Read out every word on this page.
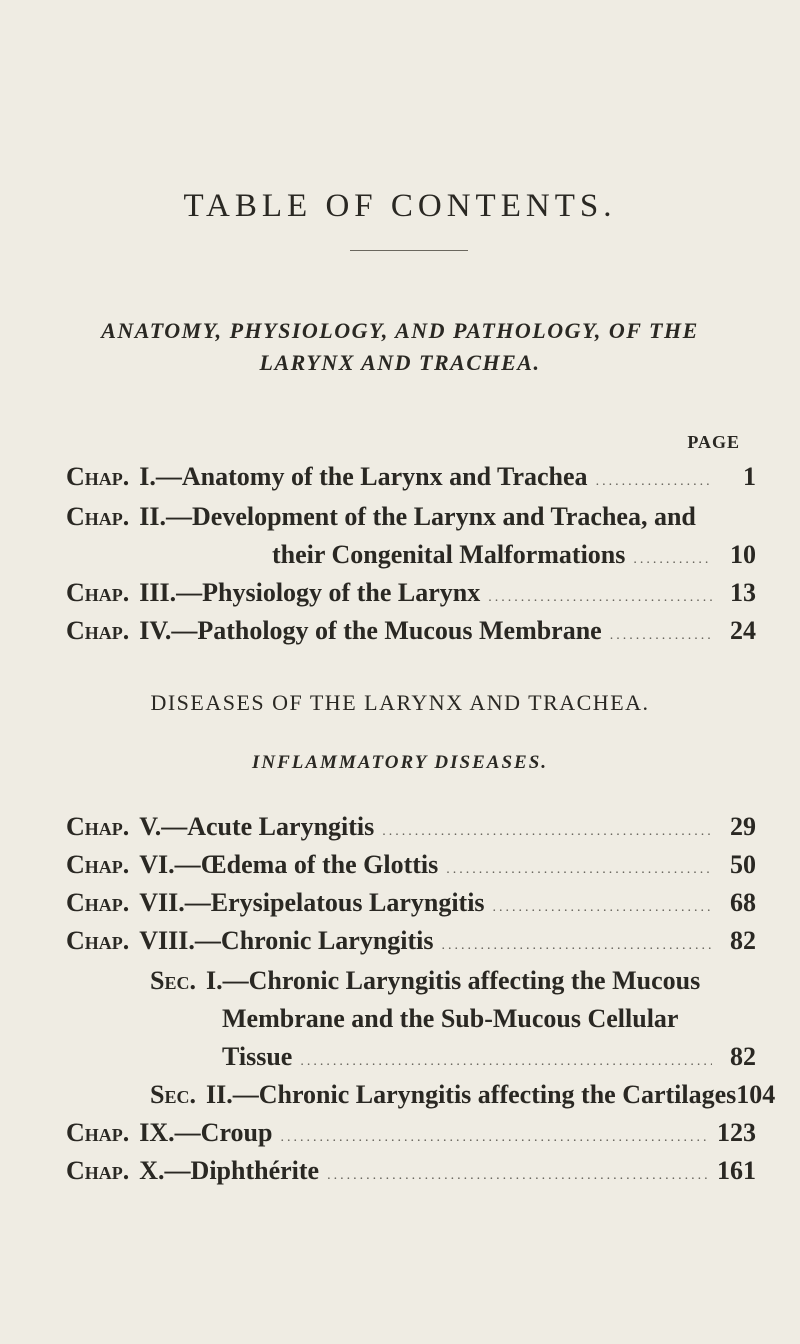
TABLE OF CONTENTS.
ANATOMY, PHYSIOLOGY, AND PATHOLOGY, OF THE
LARYNX AND TRACHEA.
PAGE
Chap. I.—Anatomy of the Larynx and Trachea .....	1
Chap. II.—Development of the Larynx and Trachea, and
their Congenital Malformations .....	10
Chap. III.—Physiology of the Larynx .....	13
Chap. IV.—Pathology of the Mucous Membrane .....	24
DISEASES OF THE LARYNX AND TRACHEA.
INFLAMMATORY DISEASES.
Chap. V.—Acute Laryngitis .....	29
Chap. VI.—Œdema of the Glottis .....	50
Chap. VII.—Erysipelatous Laryngitis .....	68
Chap. VIII.—Chronic Laryngitis .....	82
Sec. I.—Chronic Laryngitis affecting the Mucous
Membrane and the Sub-Mucous Cellular
Tissue .....	82
Sec. II.—Chronic Laryngitis affecting the Cartilages 104
Chap. IX.—Croup .....	123
Chap. X.—Diphthérite .....	161
